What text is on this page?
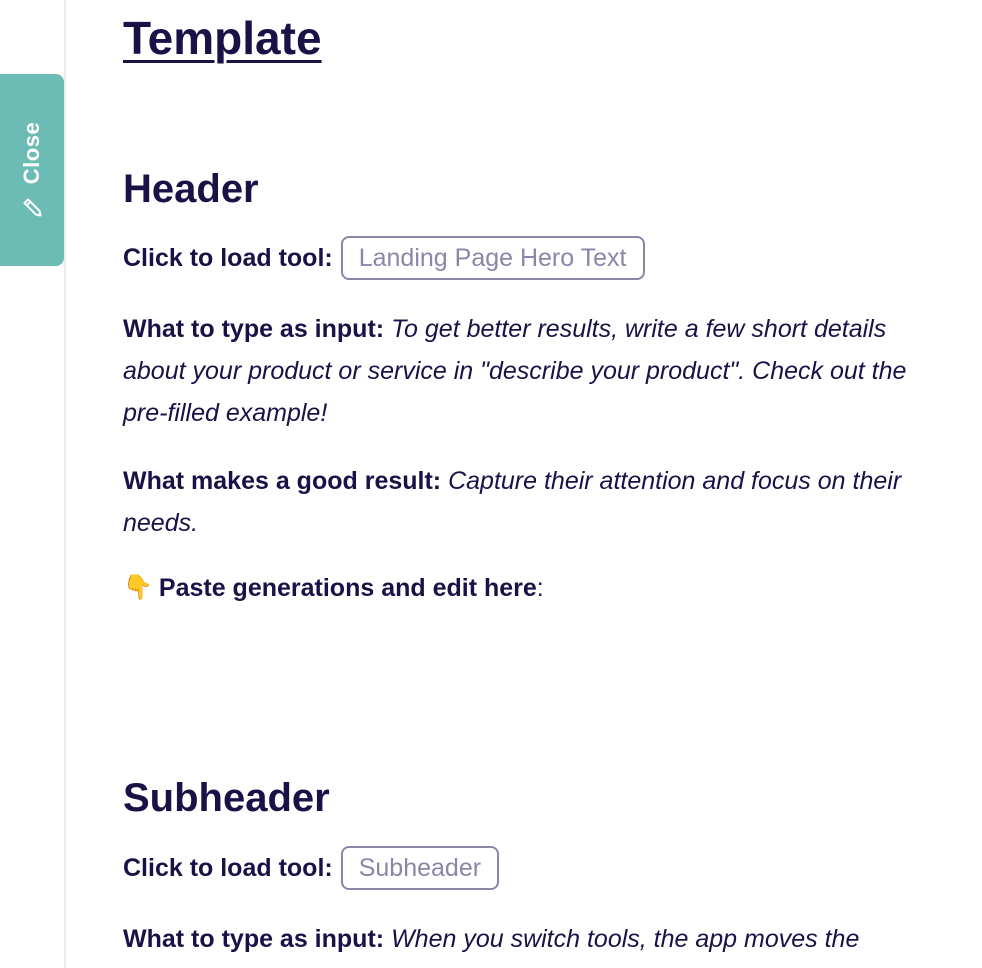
Close
Template
Header
Click to load tool:	Landing Page Hero Text

What to type as input: To get better results, write a few short details about your product or service in "describe your product". Check out the pre-filled example!

What makes a good result: Capture their attention and focus on their needs.

👇 Paste generations and edit here :
Subheader
Click to load tool:	Subheader

What to type as input: When you switch tools, the app moves the
